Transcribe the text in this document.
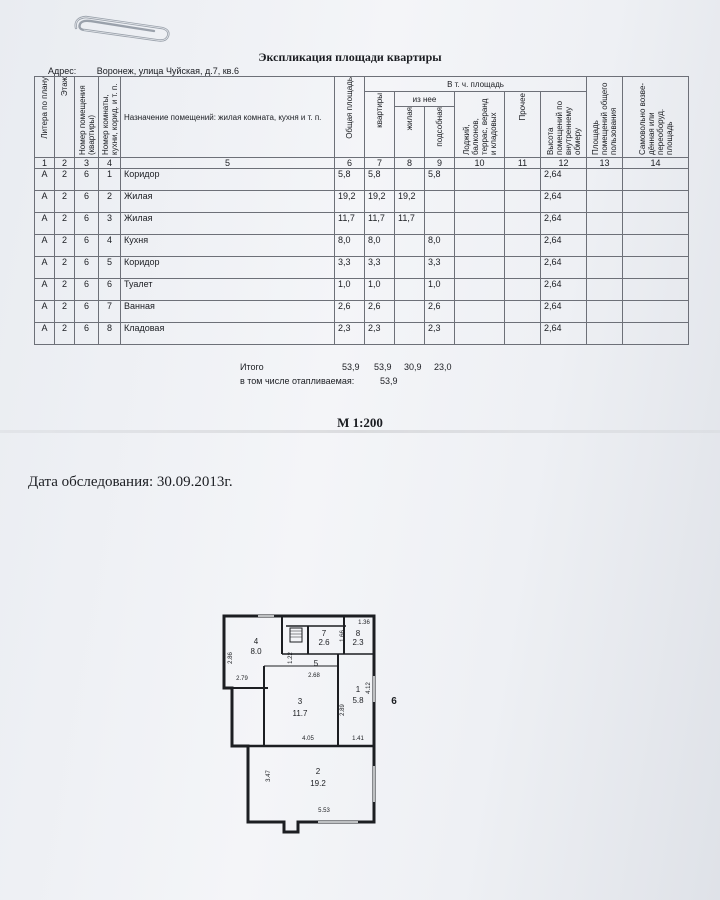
Экспликация площади квартиры
Адрес: Воронеж, улица Чуйская, д.7, кв.6
Литера по плану	Этаж	Номер помещения (квартиры)	Номер комнаты, кухни, корид. и т. п.	Назначение помещений: жилая комната, кухня и т. п.	Общая площадь	В т. ч. площадь						Площадь помещений общего пользования	Самовольно возве-дённая или переоборуд. площадь

						квартиры	из нее		Лоджий, балконов, террас, веранд и кладовых	Прочее	Высота помещений по внутреннему обмеру		

							жилая	подсобная					

1	2	3	4	5	6	7	8	9	10	11	12	13	14
А	2	6	1	Коридор	5,8	5,8		5,8			2,64		
А	2	6	2	Жилая	19,2	19,2	19,2				2,64		
А	2	6	3	Жилая	11,7	11,7	11,7				2,64		
А	2	6	4	Кухня	8,0	8,0		8,0			2,64		
А	2	6	5	Коридор	3,3	3,3		3,3			2,64		
А	2	6	6	Туалет	1,0	1,0		1,0			2,64		
А	2	6	7	Ванная	2,6	2,6		2,6			2,64		
А	2	6	8	Кладовая	2,3	2,3		2,3			2,64		
Итого	53,9 53,9 30,9 23,0
в том числе отапливаемая:	53,9
М 1:200
Дата обследования: 30.09.2013г.
2.86
4
8.0
7
2.6
8
2.3
1.36
1.22
1.66
5
2.79	2.68
3
11.7
1
5.8
2.89
4.12
4.05	1.41
3.47	2
19.2
5.53
6
